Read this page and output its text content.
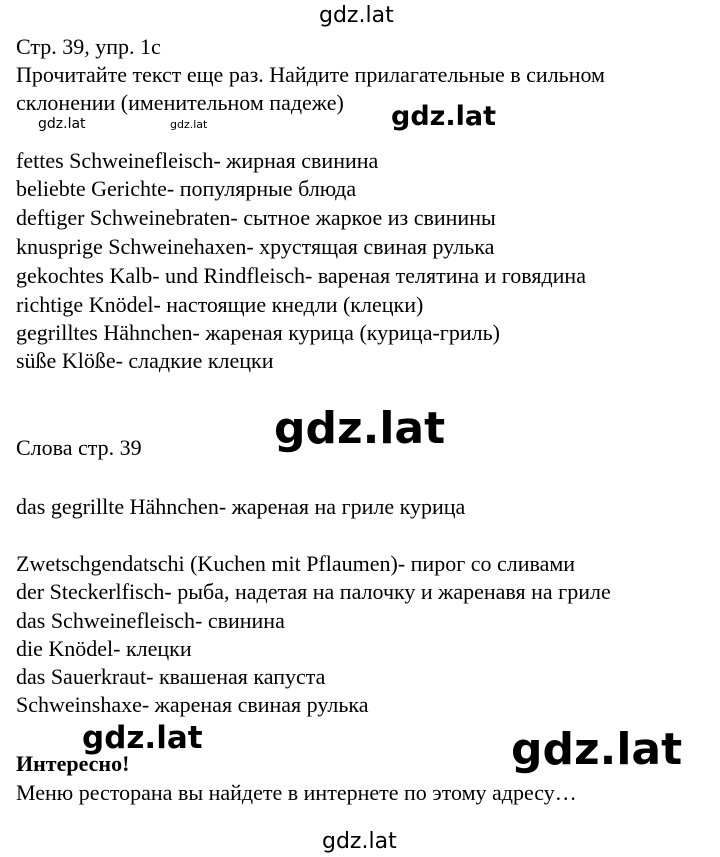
gdz.lat
gdz.lat	gdz.lat	gdz.lat
gdz.lat
gdz.lat	gdz.lat
gdz.lat
Стр. 39, упр. 1с
Прочитайте текст еще раз. Найдите прилагательные в сильном
склонении (именительном падеже)
fettes Schweinefleisch- жирная свинина
beliebte Gerichte- популярные блюда
deftiger Schweinebraten- сытное жаркое из свинины
knusprige Schweinehaxen- хрустящая свиная рулька
gekochtes Kalb- und Rindfleisch- вареная телятина и говядина
richtige Knödel- настоящие кнедли (клецки)
gegrilltes Hähnchen- жареная курица (курица-гриль)
süße Klöße- сладкие клецки
Слова стр. 39
das gegrillte Hähnchen- жареная на гриле курица
Zwetschgendatschi (Kuchen mit Pflaumen)- пирог со сливами
der Steckerlfisch- рыба, надетая на палочку и жаренавя на гриле
das Schweinefleisch- свинина
die Knödel- клецки
das Sauerkraut- квашеная капуста
Schweinshaxe- жареная свиная рулька
Интересно!
Меню ресторана вы найдете в интернете по этому адресу…
